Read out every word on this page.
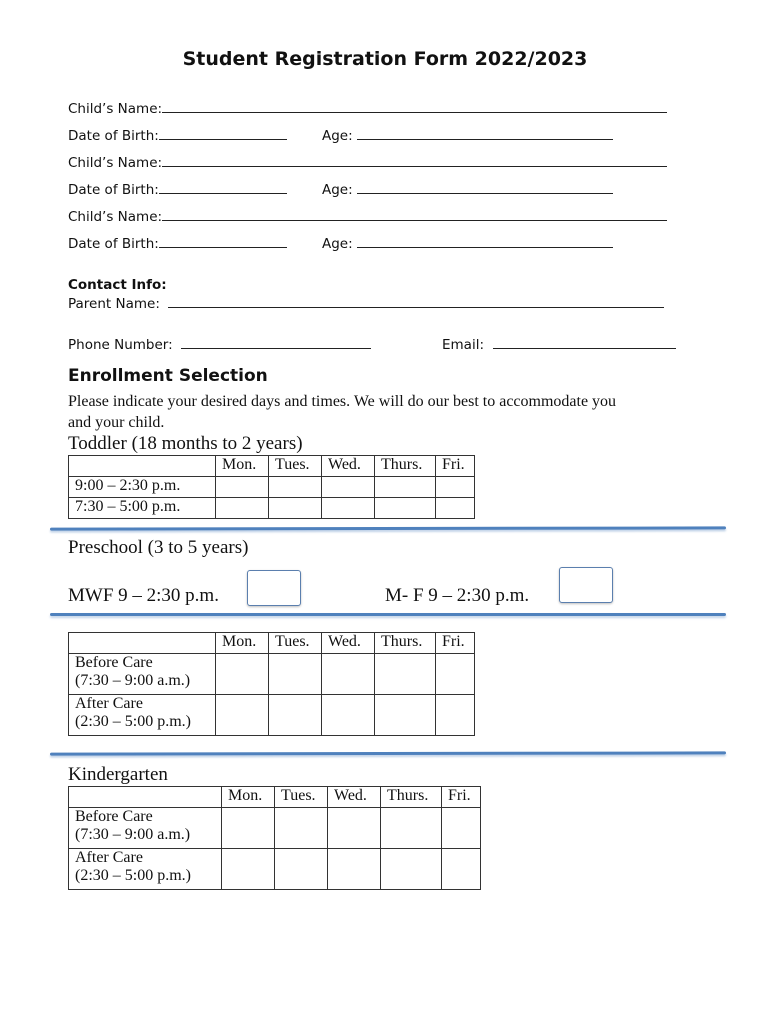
Student Registration Form 2022/2023
Child’s Name:
Date of Birth:	Age:
Child’s Name:
Date of Birth:	Age:
Child’s Name:
Date of Birth:	Age:
Contact Info:
Parent Name:
Phone Number:	Email:
Enrollment Selection
Please indicate your desired days and times. We will do our best to accommodate you
and your child.
Toddler (18 months to 2 years)
	Mon.	Tues.	Wed.	Thurs.	Fri.
9:00 – 2:30 p.m.					
7:30 – 5:00 p.m.					
Preschool (3 to 5 years)
MWF 9 – 2:30 p.m.	M- F 9 – 2:30 p.m.
	Mon.	Tues.	Wed.	Thurs.	Fri.
Before Care
(7:30 – 9:00 a.m.)					
After Care
(2:30 – 5:00 p.m.)					
Kindergarten
	Mon.	Tues.	Wed.	Thurs.	Fri.
Before Care
(7:30 – 9:00 a.m.)					
After Care
(2:30 – 5:00 p.m.)					
